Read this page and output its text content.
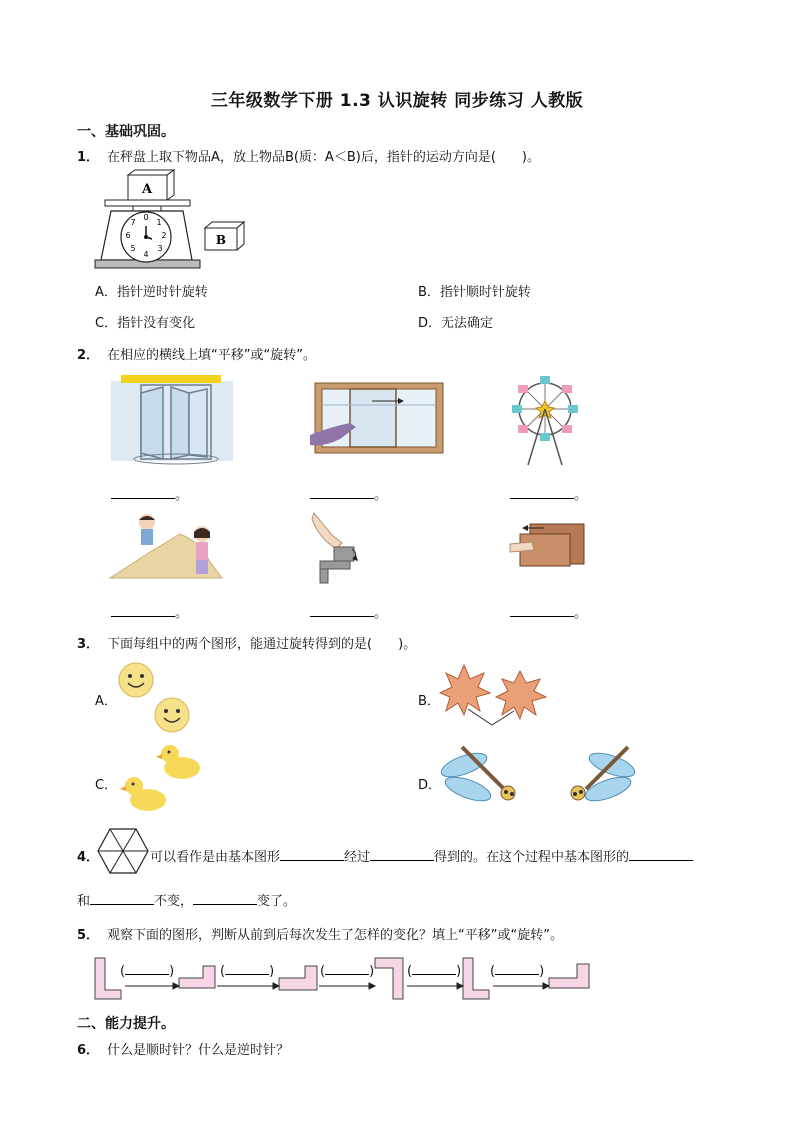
三年级数学下册 1.3 认识旋转 同步练习 人教版
一、基础巩固。
1． 在秤盘上取下物品A，放上物品B(质：A＜B)后，指针的运动方向是(　　)。
A
0
1
2
3
4
5
6
7
B
A．指针逆时针旋转	B．指针顺时针旋转
C．指针没有变化	D．无法确定
2． 在相应的横线上填“平移”或“旋转”。
。	。	。
。	。	。
3． 下面每组中的两个图形，能通过旋转得到的是(　　)。
A．	B．
C．	D．
4．	可以看作是由基本图形	经过	得到的。在这个过程中基本图形的
和	不变，	变了。
5． 观察下面的图形，判断从前到后每次发生了怎样的变化？填上“平移”或“旋转”。
(	)	(	)	(	)	(	) (	)
二、能力提升。
6． 什么是顺时针？什么是逆时针？
